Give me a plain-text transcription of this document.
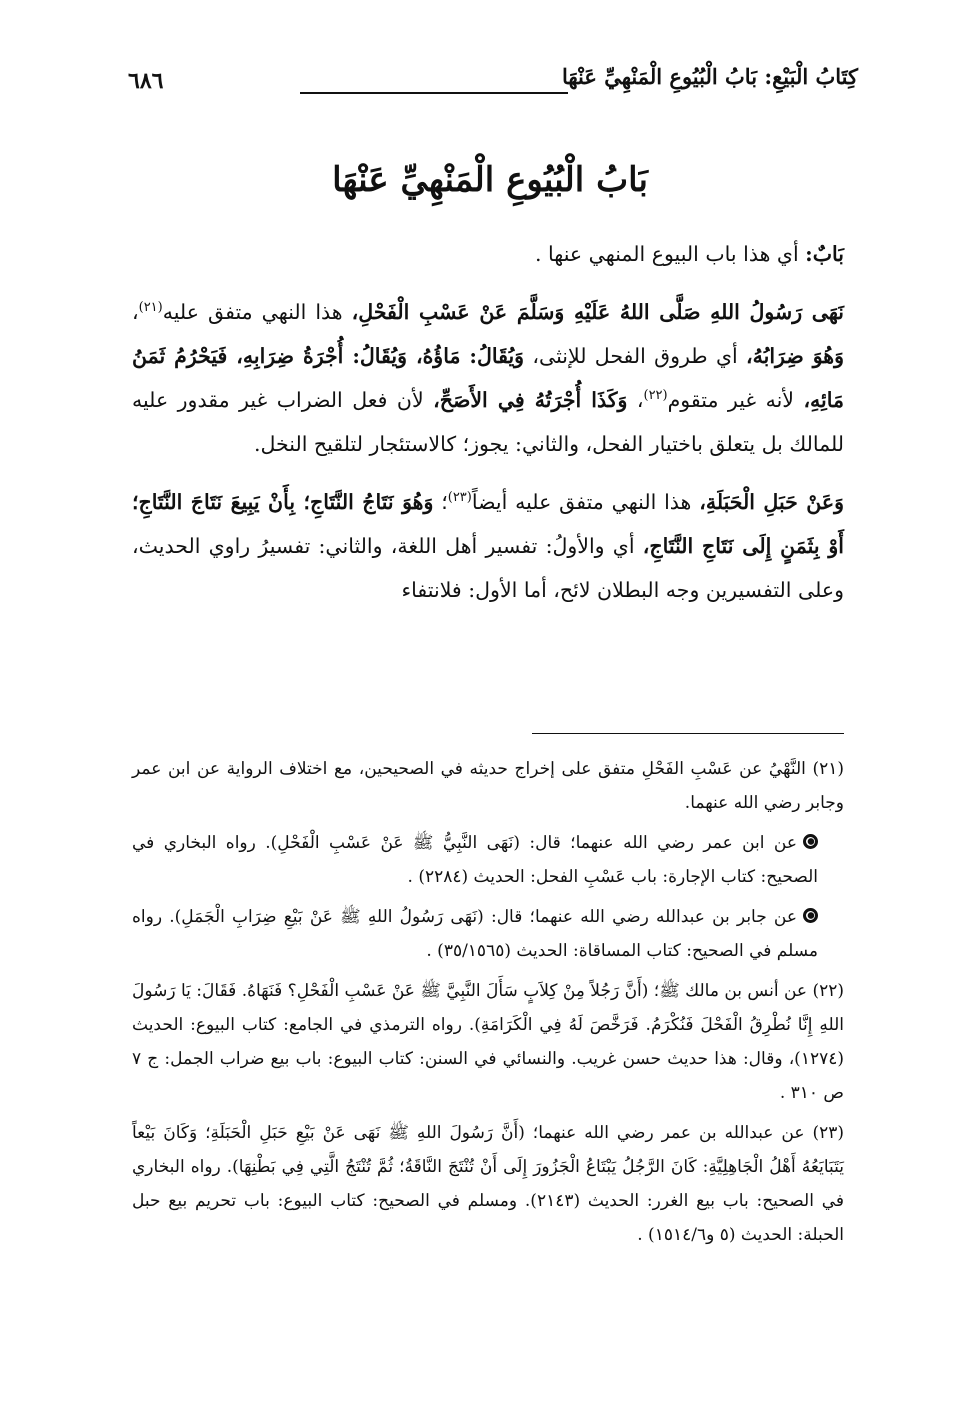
كِتَابُ الْبَيْعِ: بَابُ الْبُيُوعِ الْمَنْهِيِّ عَنْهَا
٦٨٦
بَابُ الْبُيُوعِ الْمَنْهِيِّ عَنْهَا

بَابٌ: أي هذا باب البيوع المنهي عنها .

نَهَى رَسُولُ اللهِ صَلَّى اللهُ عَلَيْهِ وَسَلَّمَ عَنْ عَسْبِ الْفَحْلِ، هذا النهي متفق عليه$^{(٢١)}$، وَهُوَ ضِرَابُهُ، أي طروق الفحل للإنثى، وَيُقَالُ: مَاؤُهُ، وَيُقَالُ: أُجْرَةُ ضِرَابِهِ، فَيَحْرُمُ ثَمَنُ مَائِهِ، لأنه غير متقوم$^{(٢٢)}$، وَكَذَا أُجْرَتُهُ فِي الأَصَحِّ، لأن فعل الضراب غير مقدور عليه للمالك بل يتعلق باختيار الفحل، والثاني: يجوز؛ كالاستئجار لتلقيح النخل.

وَعَنْ حَبَلِ الْحَبَلَةِ، هذا النهي متفق عليه أيضاً$^{(٢٣)}$؛ وَهُوَ نَتَاجُ النَّتَاجِ؛ بِأَنْ يَبِيعَ نَتَاجَ النَّتَاجِ؛ أَوْ بِثَمَنٍ إِلَى نَتَاجِ النَّتَاجِ، أي والأولُ: تفسير أهل اللغة، والثاني: تفسيرُ راوي الحديث، وعلى التفسيرين وجه البطلان لائح، أما الأول: فلانتفاء

(٢١) النَّهْيُ عن عَسْبِ الفَحْلِ متفق على إخراج حديثه في الصحيحين، مع اختلاف الرواية عن ابن عمر وجابر رضي الله عنهما.

عن ابن عمر رضي الله عنهما؛ قال: (نَهَى النَّبِيُّ ﷺ عَنْ عَسْبِ الْفَحْلِ). رواه البخاري في الصحيح: كتاب الإجارة: باب عَسْبِ الفحل: الحديث (٢٢٨٤) .

عن جابر بن عبدالله رضي الله عنهما؛ قال: (نَهَى رَسُولُ اللهِ ﷺ عَنْ بَيْعِ ضِرَابِ الْجَمَلِ). رواه مسلم في الصحيح: كتاب المساقاة: الحديث (٣٥/١٥٦٥) .

(٢٢) عن أنس بن مالك ﷺ؛ (أَنَّ رَجُلاً مِنْ كِلاَبٍ سَأَلَ النَّبِيَّ ﷺ عَنْ عَسْبِ الْفَحْلِ؟ فَنَهَاهُ. فَقَالَ: يَا رَسُولَ اللهِ إِنَّا نُطْرِقُ الْفَحْلَ فَنُكْرَمُ. فَرَخَّصَ لَهُ فِي الْكَرَامَةِ). رواه الترمذي في الجامع: كتاب البيوع: الحديث (١٢٧٤)، وقال: هذا حديث حسن غريب. والنسائي في السنن: كتاب البيوع: باب بيع ضراب الجمل: ج ٧ ص ٣١٠ .

(٢٣) عن عبدالله بن عمر رضي الله عنهما؛ (أَنَّ رَسُولَ اللهِ ﷺ نَهَى عَنْ بَيْعِ حَبَلِ الْحَبَلَةِ؛ وَكَانَ بَيْعاً يَتَبَايَعُهُ أَهْلُ الْجَاهِلِيَّةِ: كَانَ الرَّجُلُ يَبْتَاعُ الْجَزُورَ إِلَى أَنْ تُنْتَجَ النَّاقَةُ؛ ثُمَّ تُنْتَجُ الَّتِي فِي بَطْنِهَا). رواه البخاري في الصحيح: باب بيع الغرر: الحديث (٢١٤٣). ومسلم في الصحيح: كتاب البيوع: باب تحريم بيع حبل الحبلة: الحديث (٥ و١٥١٤/٦) .
